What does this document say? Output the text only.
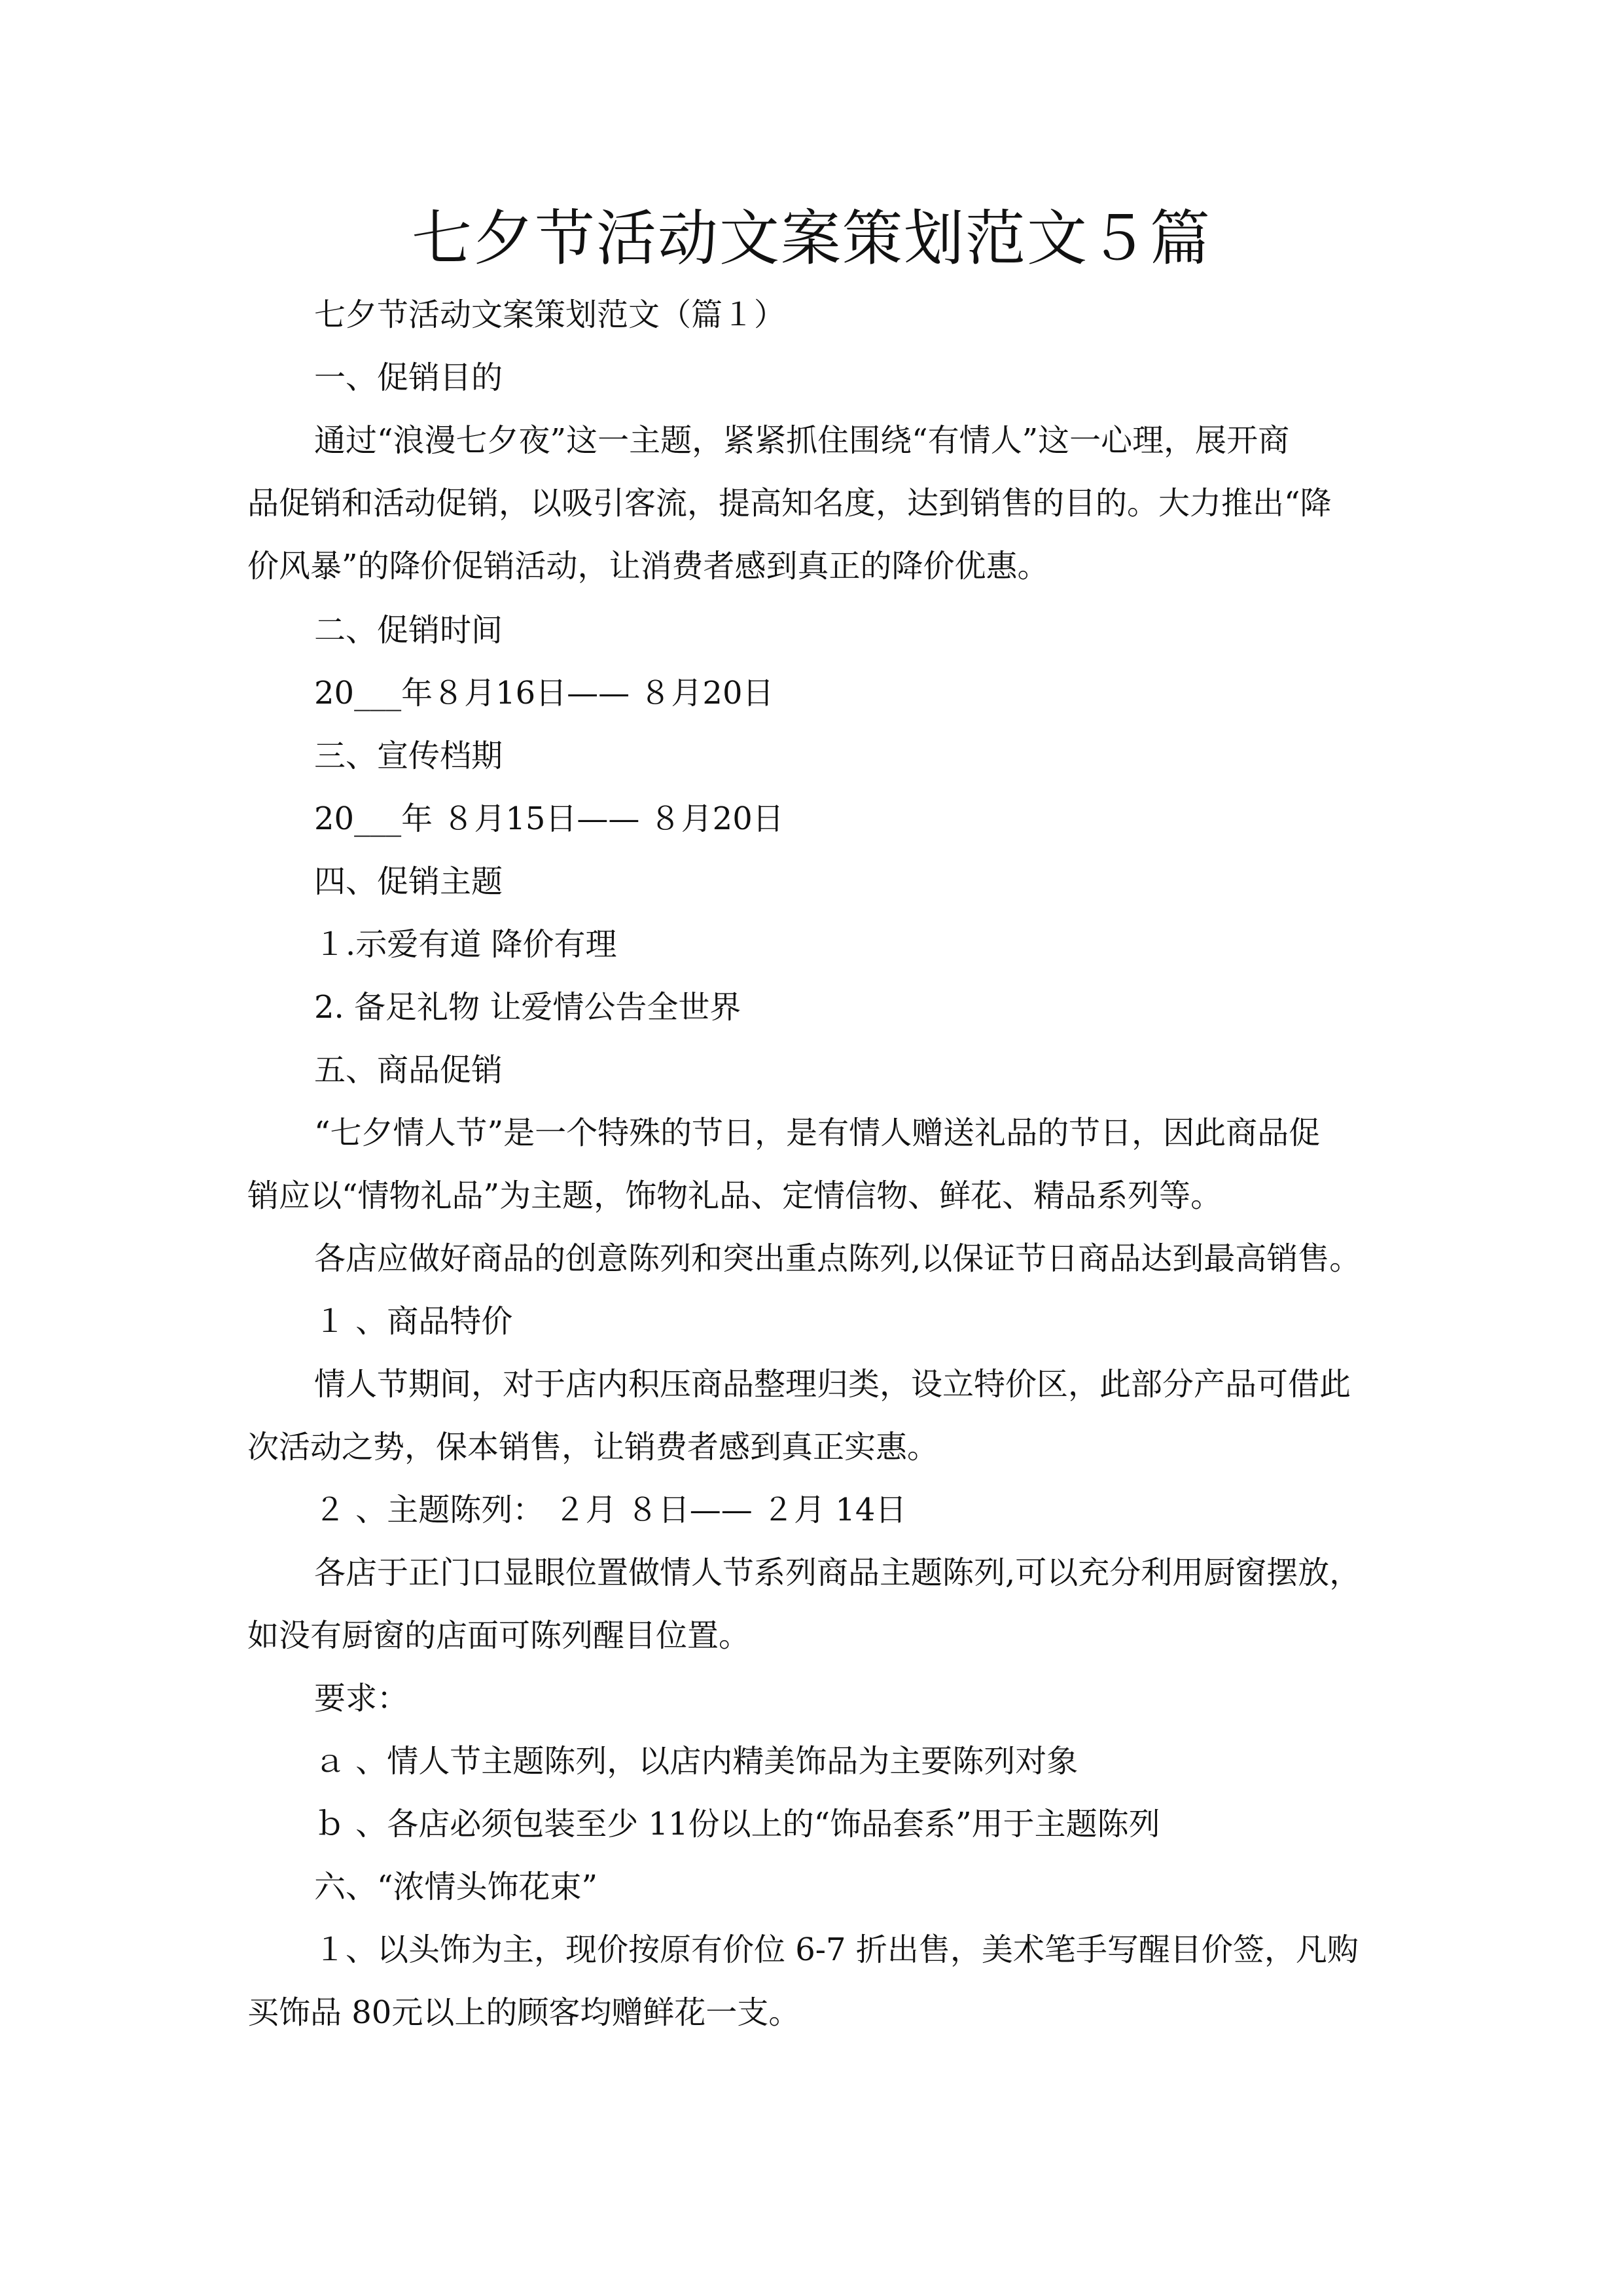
七夕节活动文案策划范文５篇
七夕节活动文案策划范文（篇１）
一、促销目的
通过“浪漫七夕夜”这一主题，紧紧抓住围绕“有情人”这一心理，展开商
品促销和活动促销，以吸引客流，提高知名度，达到销售的目的。大力推出“降
价风暴”的降价促销活动，让消费者感到真正的降价优惠。
二、促销时间
20___年８月16日—— ８月20日
三、宣传档期
20___年 ８月15日—— ８月20日
四、促销主题
１.示爱有道 降价有理
2. 备足礼物 让爱情公告全世界
五、商品促销
“七夕情人节”是一个特殊的节日，是有情人赠送礼品的节日，因此商品促
销应以“情物礼品”为主题，饰物礼品、定情信物、鲜花、精品系列等。
各店应做好商品的创意陈列和突出重点陈列,以保证节日商品达到最高销售。
１ 、商品特价
情人节期间，对于店内积压商品整理归类，设立特价区，此部分产品可借此
次活动之势，保本销售，让销费者感到真正实惠。
２ 、主题陈列： ２月 ８日—— ２月 14日
各店于正门口显眼位置做情人节系列商品主题陈列,可以充分利用厨窗摆放，
如没有厨窗的店面可陈列醒目位置。
要求：
ａ 、情人节主题陈列，以店内精美饰品为主要陈列对象
ｂ 、各店必须包装至少 11份以上的“饰品套系”用于主题陈列
六、“浓情头饰花束”
１、以头饰为主，现价按原有价位 6-7 折出售，美术笔手写醒目价签，凡购
买饰品 80元以上的顾客均赠鲜花一支。
